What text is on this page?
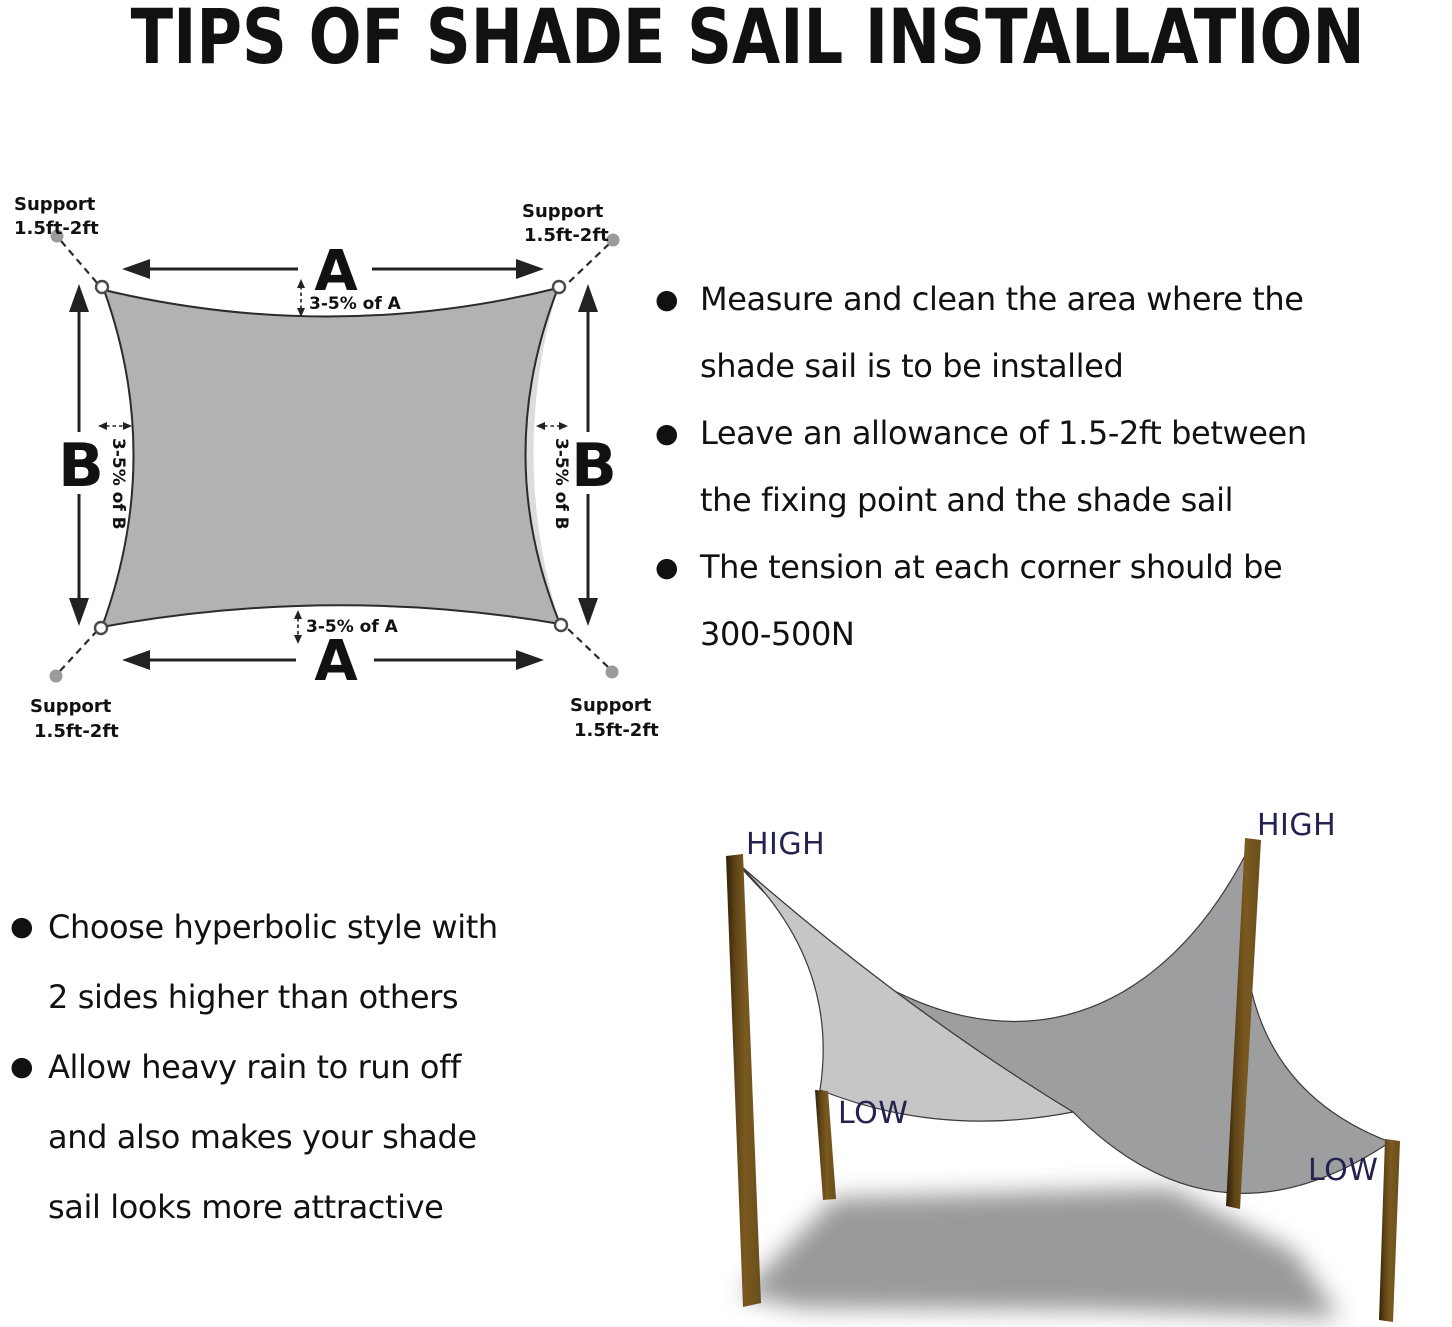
TIPS OF SHADE SAIL INSTALLATION
A
3-5% of A
A
3-5% of A
B 3-5% of B	B
3-5% of B
Support
1.5ft-2ft
Support
1.5ft-2ft
Support
1.5ft-2ft
Support
1.5ft-2ft
● Measure and clean the area where the
shade sail is to be installed
● Leave an allowance of 1.5-2ft between
the fixing point and the shade sail
● The tension at each corner should be
300-500N
● Choose hyperbolic style with
2 sides higher than others
● Allow heavy rain to run off
and also makes your shade
sail looks more attractive
HIGH
HIGH
LOW
LOW
